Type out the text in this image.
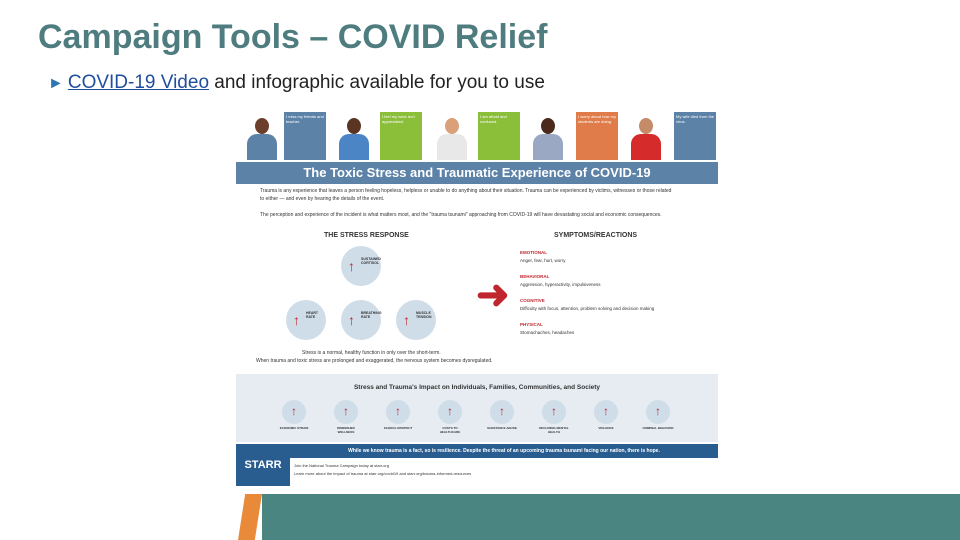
Campaign Tools – COVID Relief
► COVID-19 Video and infographic available for you to use
I miss my friends and teacher.
I feel my work isn't appreciated.
I am afraid and confused.
I worry about how my students are doing.
My wife died from the virus.
The Toxic Stress and Traumatic Experience of COVID-19
Trauma is any experience that leaves a person feeling hopeless, helpless or unable to do anything about their situation. Trauma can be experienced by victims, witnesses or those related
to either — and even by hearing the details of the event.
The perception and experience of the incident is what matters most, and the "trauma tsunami" approaching from COVID-19 will have devastating social and economic consequences.
THE STRESS RESPONSE	SYMPTOMS/REACTIONS
↑ SUSTAINED CORTISOL
↑ HEART RATE	↑ BREATHING RATE	↑ MUSCLE TENSION ➜
EMOTIONAL
Anger, fear, hurt, worry
BEHAVIORAL
Aggression, hyperactivity, impulsiveness
COGNITIVE
Difficulty with focus, attention, problem solving and decision making
PHYSICAL
Stomachaches, headaches
Stress is a normal, healthy function in only over the short-term.
When trauma and toxic stress are prolonged and exaggerated, the nervous system becomes dysregulated.
Stress and Trauma's Impact on Individuals, Families, Communities, and Society
↑
ECONOMIC STRAIN
↑
DIMINISHED WELLNESS
↑
SCHOOL DROPOUT
↑
COSTS TO HEALTHCARE
↑
SUBSTANCE ABUSE
↑
DECLINING MENTAL HEALTH
↑
VIOLENCE
↑
CRIMINAL BEHAVIOR
STARR
While we know trauma is a fact, so is resilience. Despite the threat of an upcoming trauma tsunami facing our nation, there is hope.
Join the National Trauma Campaign today at starr.org
Learn more about the impact of trauma at starr.org/covid19 and starr.org/trauma-informed-resources
